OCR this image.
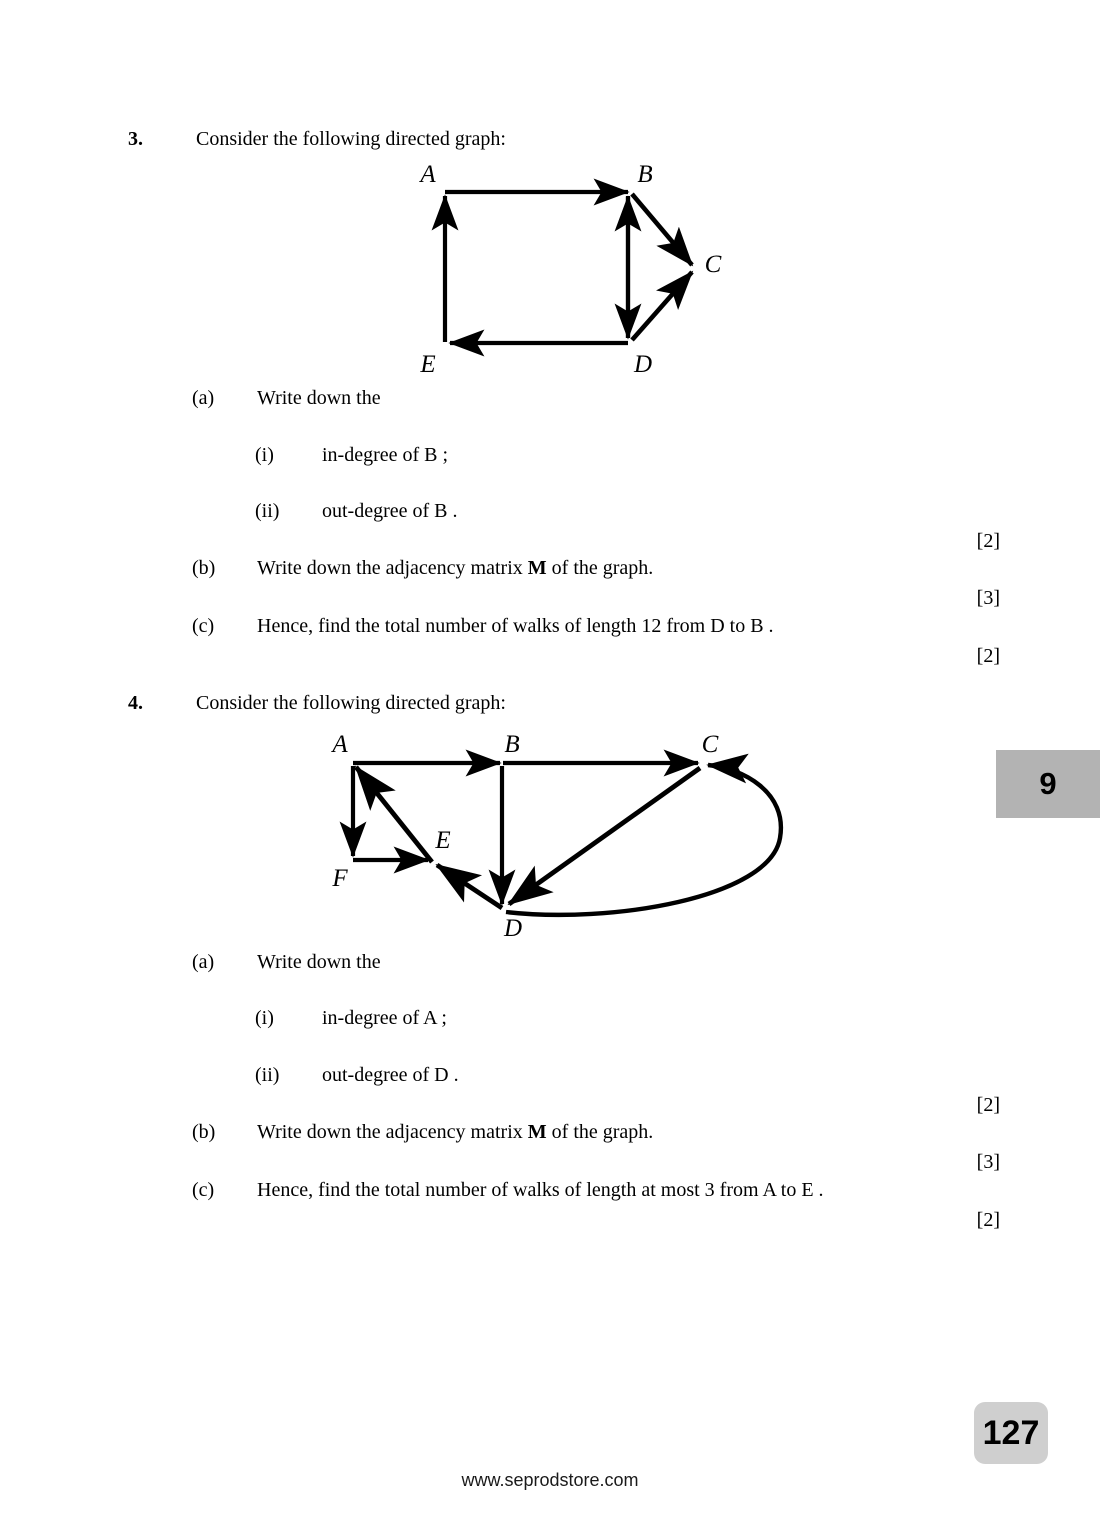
3.	Consider the following directed graph:
A	B
C
D
E
(a) Write down the
(i) in-degree of B ;
(ii) out-degree of B .
[2]
(b) Write down the adjacency matrix M of the graph.
[3]
(c) Hence, find the total number of walks of length 12 from D to B .
[2]
4.	Consider the following directed graph:
A	B	C
E
F
D
(a) Write down the
(i) in-degree of A ;
(ii) out-degree of D .
[2]
(b) Write down the adjacency matrix M of the graph.
[3]
(c) Hence, find the total number of walks of length at most 3 from A to E .
[2]
9
127
www.seprodstore.com
